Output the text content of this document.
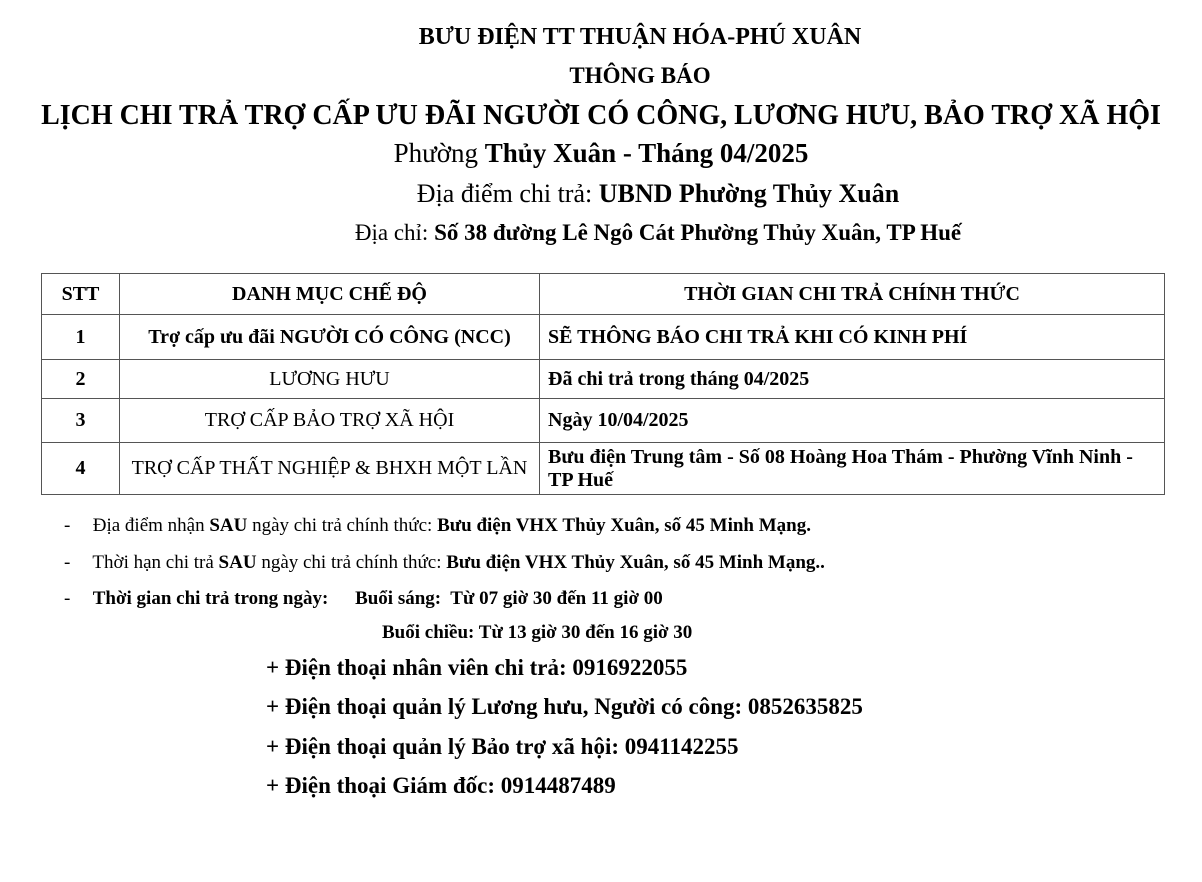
BƯU ĐIỆN TT THUẬN HÓA-PHÚ XUÂN
THÔNG BÁO
LỊCH CHI TRẢ TRỢ CẤP ƯU ĐÃI NGƯỜI CÓ CÔNG, LƯƠNG HƯU, BẢO TRỢ XÃ HỘI
Phường Thủy Xuân - Tháng 04/2025
Địa điểm chi trả: UBND Phường Thủy Xuân
Địa chỉ: Số 38 đường Lê Ngô Cát Phường Thủy Xuân, TP Huế
STT	DANH MỤC CHẾ ĐỘ	THỜI GIAN CHI TRẢ CHÍNH THỨC
1	Trợ cấp ưu đãi NGƯỜI CÓ CÔNG (NCC)	SẼ THÔNG BÁO CHI TRẢ KHI CÓ KINH PHÍ
2	LƯƠNG HƯU	Đã chi trả trong tháng 04/2025
3	TRỢ CẤP BẢO TRỢ XÃ HỘI	Ngày 10/04/2025
4	TRỢ CẤP THẤT NGHIỆP & BHXH MỘT LẦN	Bưu điện Trung tâm - Số 08 Hoàng Hoa Thám - Phường Vĩnh Ninh - TP Huế
- Địa điểm nhận SAU ngày chi trả chính thức: Bưu điện VHX Thủy Xuân, số 45 Minh Mạng.
- Thời hạn chi trả SAU ngày chi trả chính thức: Bưu điện VHX Thủy Xuân, số 45 Minh Mạng..
- Thời gian chi trả trong ngày: Buổi sáng:  Từ 07 giờ 30 đến 11 giờ 00
Buổi chiều: Từ 13 giờ 30 đến 16 giờ 30
+ Điện thoại nhân viên chi trả: 0916922055
+ Điện thoại quản lý Lương hưu, Người có công: 0852635825
+ Điện thoại quản lý Bảo trợ xã hội: 0941142255
+ Điện thoại Giám đốc: 0914487489
